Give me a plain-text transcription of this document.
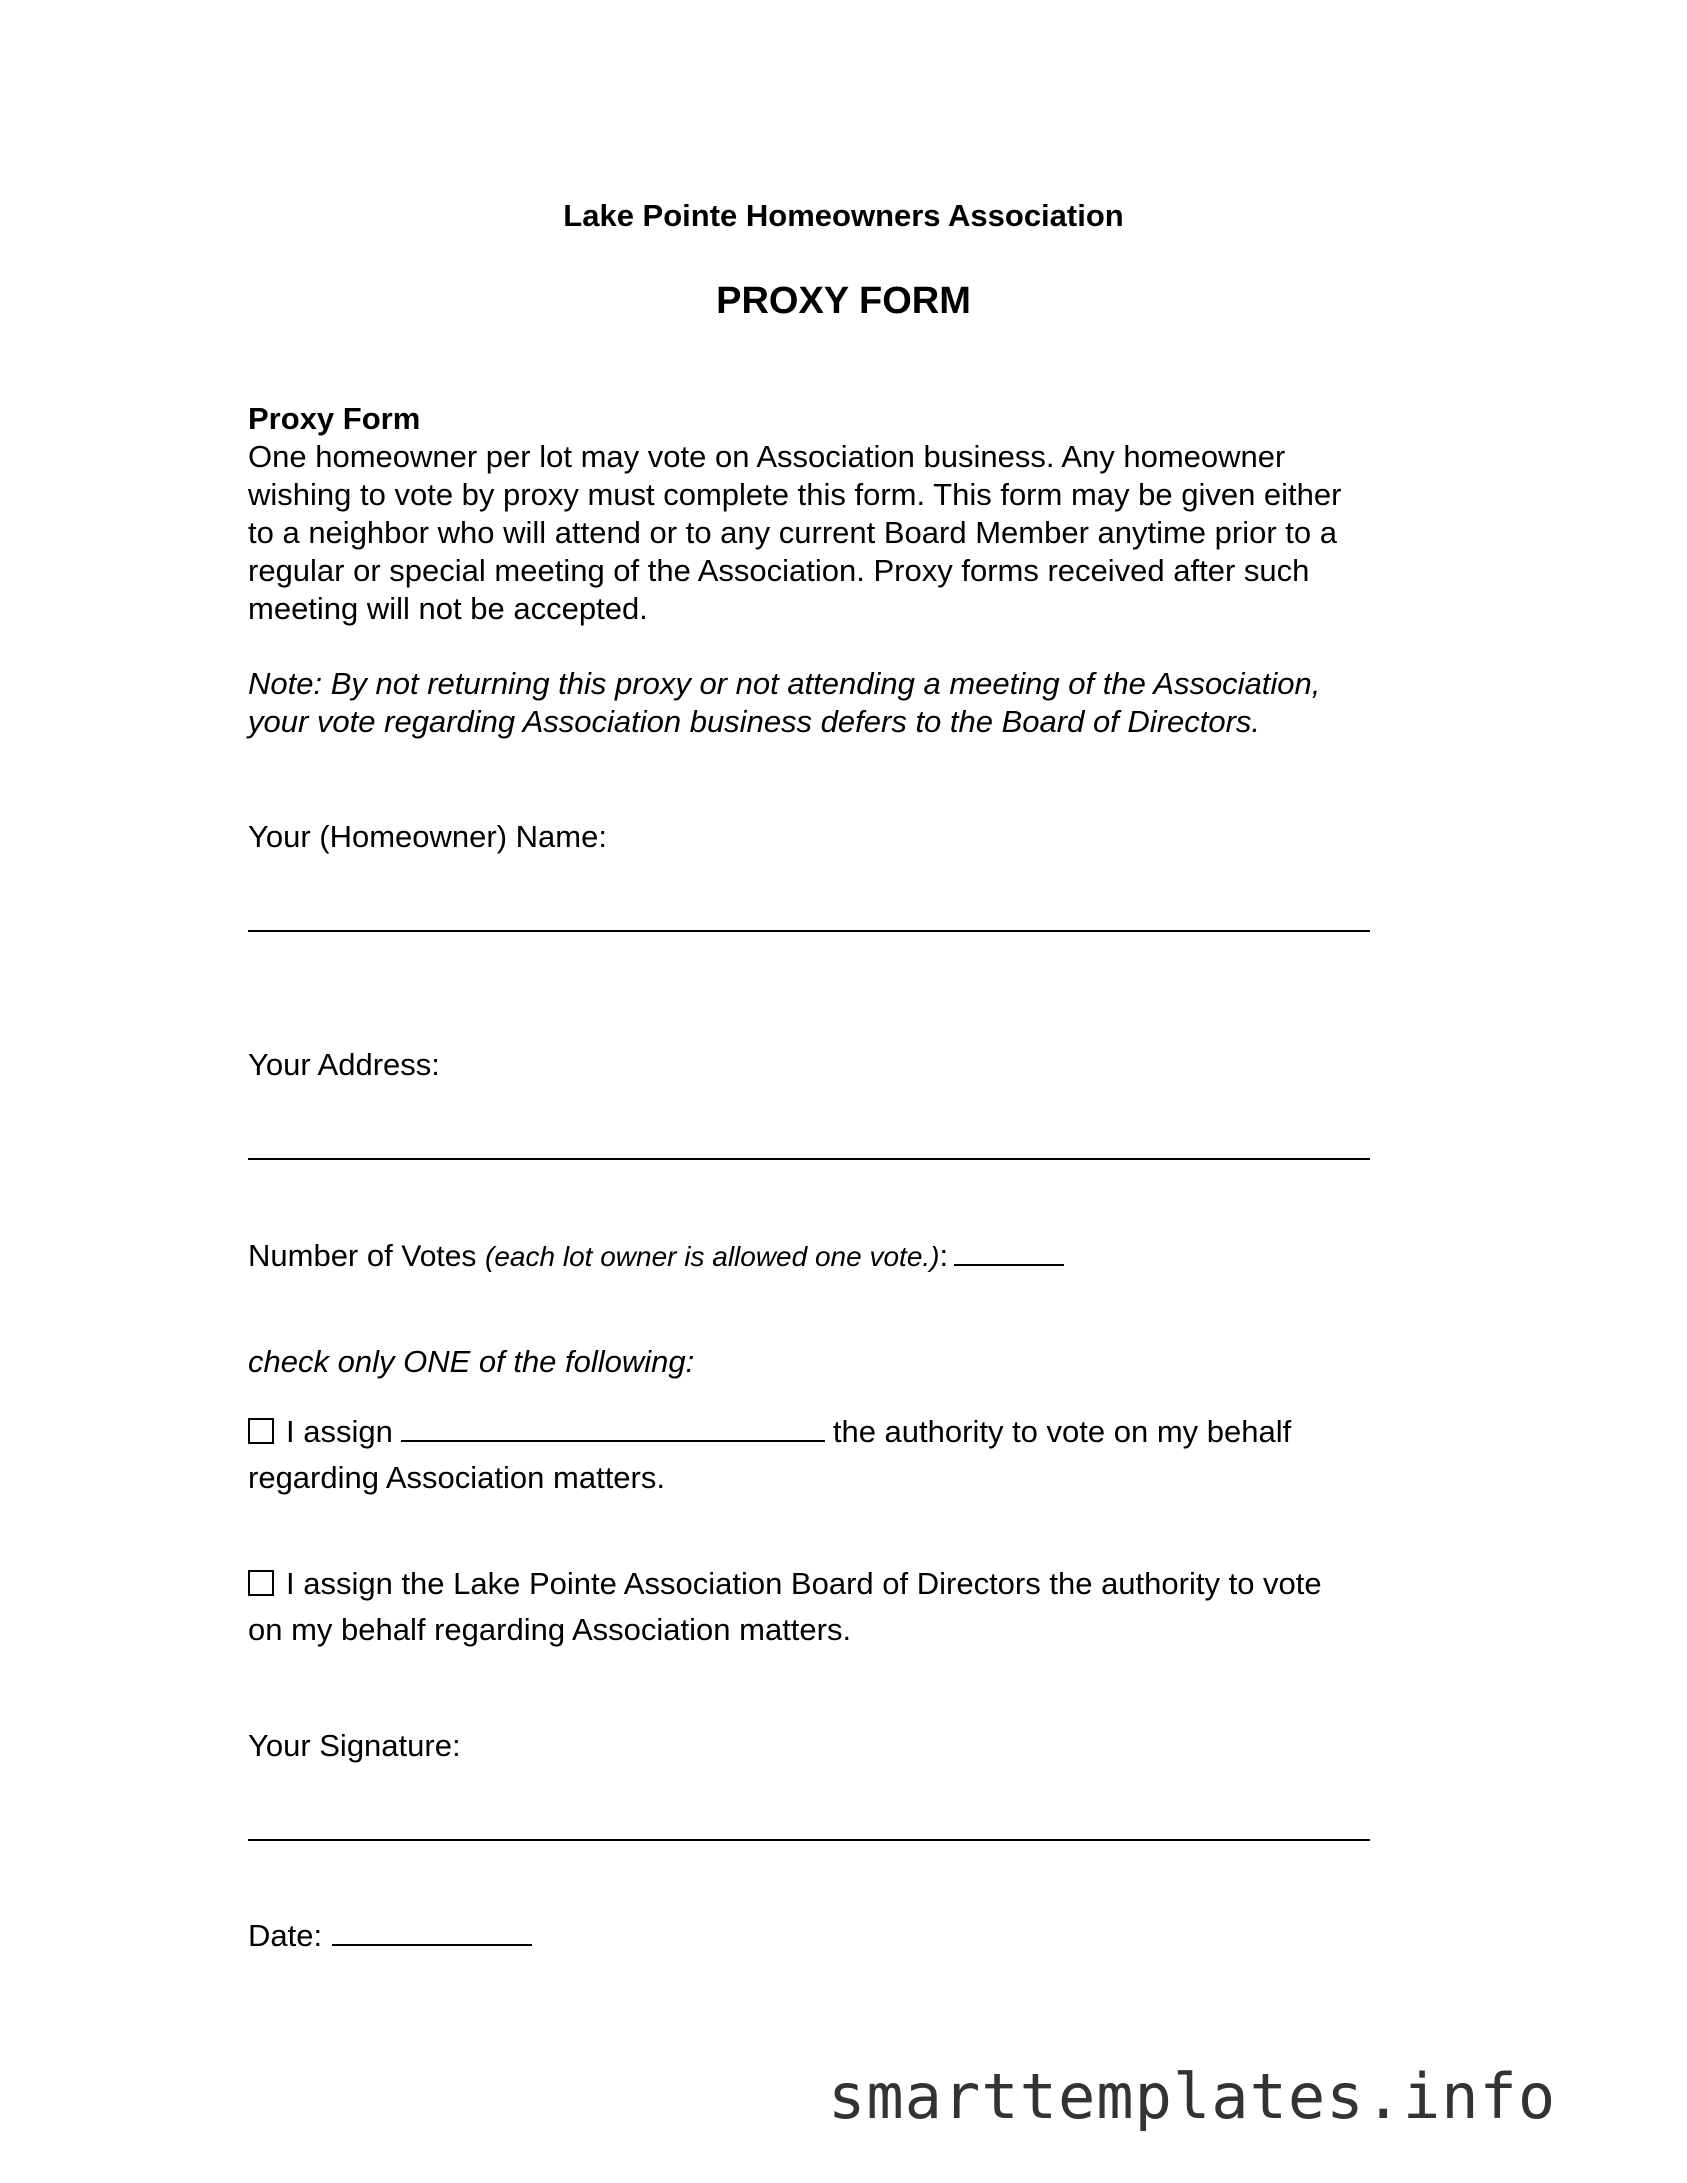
Lake Pointe Homeowners Association
PROXY FORM
Proxy Form
One homeowner per lot may vote on Association business. Any homeowner
wishing to vote by proxy must complete this form. This form may be given either
to a neighbor who will attend or to any current Board Member anytime prior to a
regular or special meeting of the Association. Proxy forms received after such
meeting will not be accepted.
Note: By not returning this proxy or not attending a meeting of the Association,
your vote regarding Association business defers to the Board of Directors.
Your (Homeowner) Name:
Your Address:
Number of Votes (each lot owner is allowed one vote.):
check only ONE of the following:
I assign	the authority to vote on my behalf
regarding Association matters.
I assign the Lake Pointe Association Board of Directors the authority to vote
on my behalf regarding Association matters.
Your Signature:
Date:
smarttemplates.info
